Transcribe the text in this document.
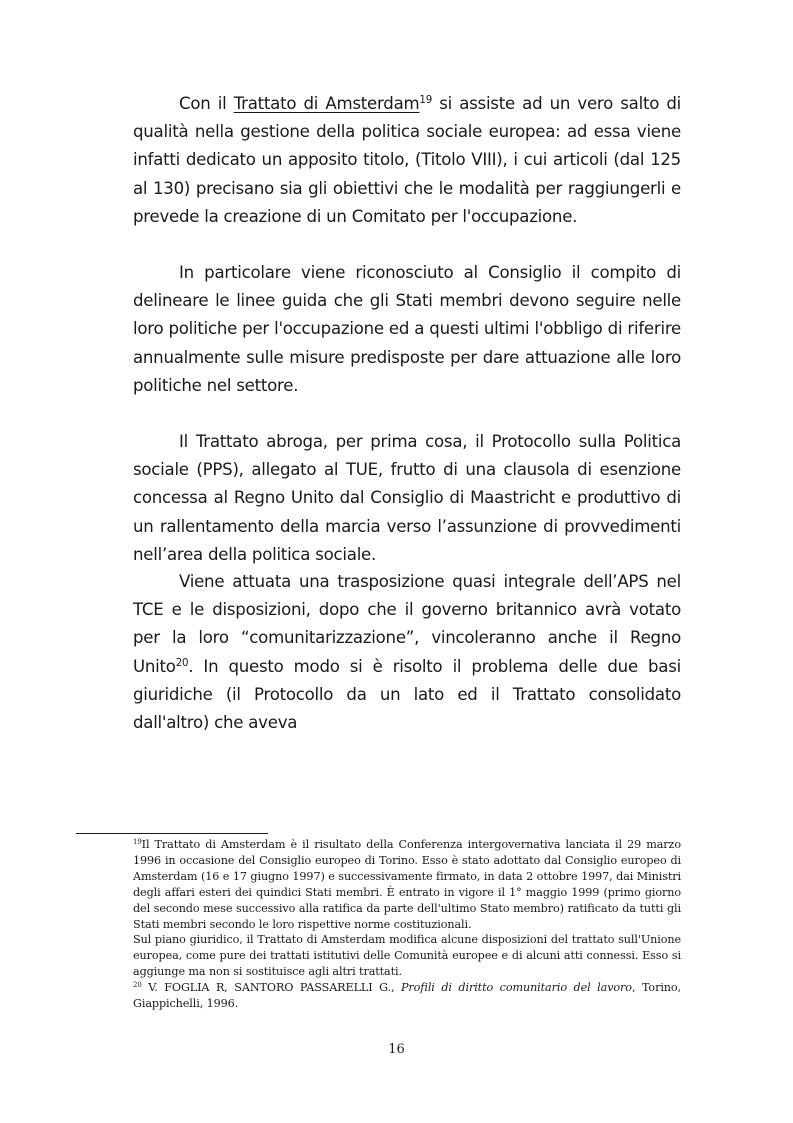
Con il Trattato di Amsterdam$^{19}$ si assiste ad un vero salto di qualità nella gestione della politica sociale europea: ad essa viene infatti dedicato un apposito titolo, (Titolo VIII), i cui articoli (dal 125 al 130) precisano sia gli obiettivi che le modalità per raggiungerli e prevede la creazione di un Comitato per l'occupazione.

In particolare viene riconosciuto al Consiglio il compito di delineare le linee guida che gli Stati membri devono seguire nelle loro politiche per l'occupazione ed a questi ultimi l'obbligo di riferire annualmente sulle misure predisposte per dare attuazione alle loro politiche nel settore.

Il Trattato abroga, per prima cosa, il Protocollo sulla Politica sociale (PPS), allegato al TUE, frutto di una clausola di esenzione concessa al Regno Unito dal Consiglio di Maastricht e produttivo di un rallentamento della marcia verso l’assunzione di provvedimenti nell’area della politica sociale.

Viene attuata una trasposizione quasi integrale dell’APS nel TCE e le disposizioni, dopo che il governo britannico avrà votato per la loro “comunitarizzazione”, vincoleranno anche il Regno Unito$^{20}$. In questo modo si è risolto il problema delle due basi giuridiche (il Protocollo da un lato ed il Trattato consolidato dall'altro) che aveva

$^{19}$Il Trattato di Amsterdam è il risultato della Conferenza intergovernativa lanciata il 29 marzo 1996 in occasione del Consiglio europeo di Torino. Esso è stato adottato dal Consiglio europeo di Amsterdam (16 e 17 giugno 1997) e successivamente firmato, in data 2 ottobre 1997, dai Ministri degli affari esteri dei quindici Stati membri. È entrato in vigore il 1° maggio 1999 (primo giorno del secondo mese successivo alla ratifica da parte dell'ultimo Stato membro) ratificato da tutti gli Stati membri secondo le loro rispettive norme costituzionali.

Sul piano giuridico, il Trattato di Amsterdam modifica alcune disposizioni del trattato sull'Unione europea, come pure dei trattati istitutivi delle Comunità europee e di alcuni atti connessi. Esso si aggiunge ma non si sostituisce agli altri trattati.

$^{20}$ V. FOGLIA R, SANTORO PASSARELLI G., Profili di diritto comunitario del lavoro, Torino, Giappichelli, 1996.

16
